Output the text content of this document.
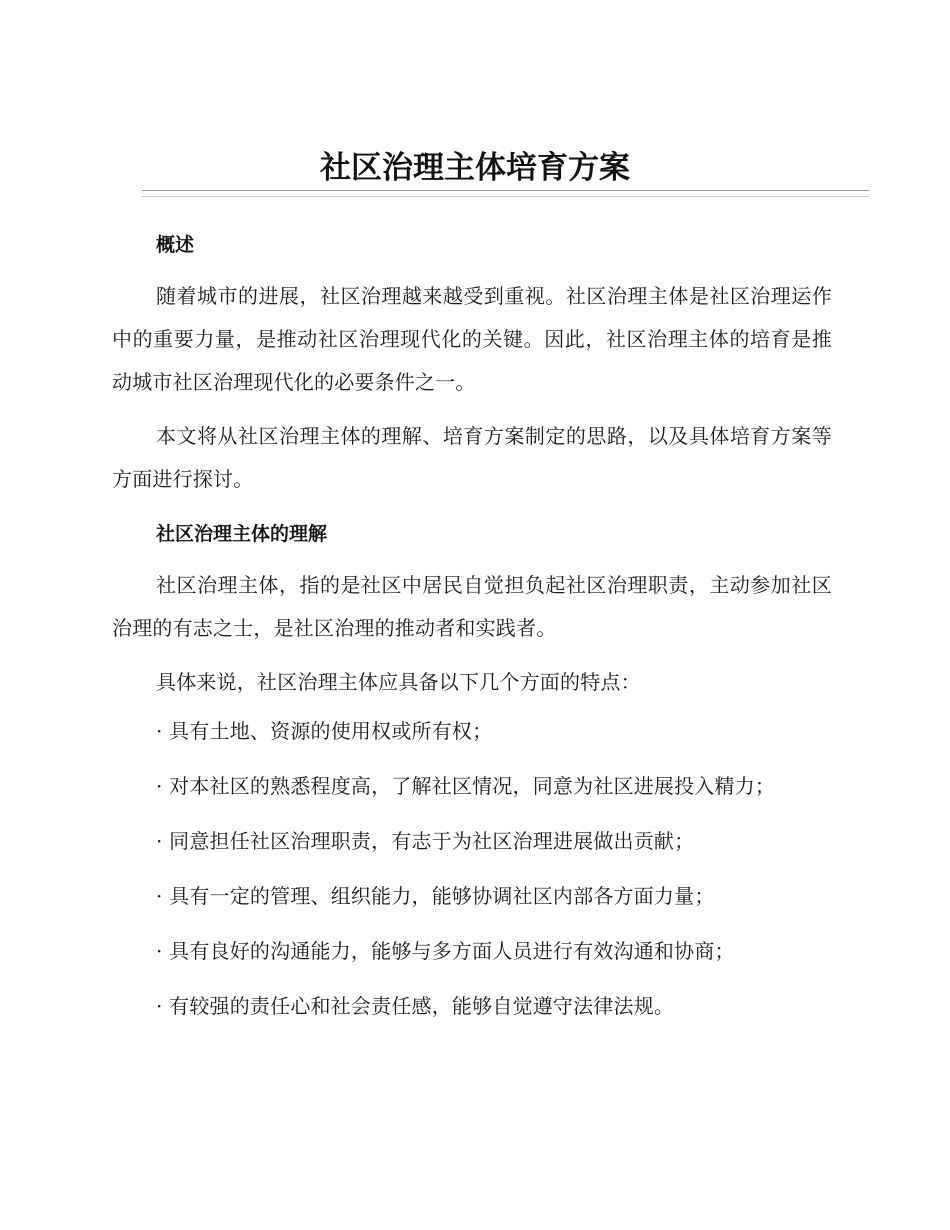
社区治理主体培育方案
概述

随着城市的进展，社区治理越来越受到重视。社区治理主体是社区治理运作中的重要力量，是推动社区治理现代化的关键。因此，社区治理主体的培育是推动城市社区治理现代化的必要条件之一。

本文将从社区治理主体的理解、培育方案制定的思路，以及具体培育方案等方面进行探讨。

社区治理主体的理解

社区治理主体，指的是社区中居民自觉担负起社区治理职责，主动参加社区治理的有志之士，是社区治理的推动者和实践者。

具体来说，社区治理主体应具备以下几个方面的特点：

· 具有土地、资源的使用权或所有权；

· 对本社区的熟悉程度高，了解社区情况，同意为社区进展投入精力；

· 同意担任社区治理职责，有志于为社区治理进展做出贡献；

· 具有一定的管理、组织能力，能够协调社区内部各方面力量；

· 具有良好的沟通能力，能够与多方面人员进行有效沟通和协商；

· 有较强的责任心和社会责任感，能够自觉遵守法律法规。
